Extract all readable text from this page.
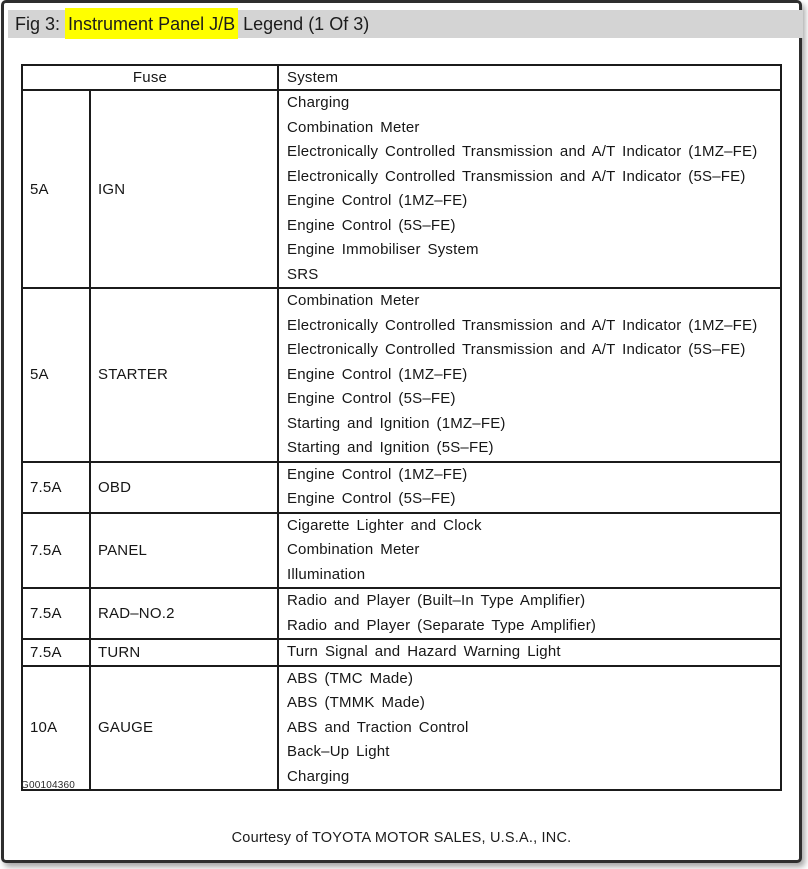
Fig 3: Instrument Panel J/B Legend (1 Of 3)
Fuse		System
5A	IGN	
Charging
Combination Meter
Electronically Controlled Transmission and A/T Indicator (1MZ–FE)
Electronically Controlled Transmission and A/T Indicator (5S–FE)
Engine Control (1MZ–FE)
Engine Control (5S–FE)
Engine Immobiliser System
SRS

5A	STARTER	
Combination Meter
Electronically Controlled Transmission and A/T Indicator (1MZ–FE)
Electronically Controlled Transmission and A/T Indicator (5S–FE)
Engine Control (1MZ–FE)
Engine Control (5S–FE)
Starting and Ignition (1MZ–FE)
Starting and Ignition (5S–FE)

7.5A	OBD	Engine Control (1MZ–FE)
Engine Control (5S–FE)

7.5A	PANEL	Cigarette Lighter and Clock
Combination Meter
Illumination

7.5A	RAD–NO.2	Radio and Player (Built–In Type Amplifier)
Radio and Player (Separate Type Amplifier)

7.5A	TURN	Turn Signal and Hazard Warning Light

10A	GAUGE	ABS (TMC Made)
ABS (TMMK Made)
ABS and Traction Control
Back–Up Light
Charging
G00104360
Courtesy of TOYOTA MOTOR SALES, U.S.A., INC.
